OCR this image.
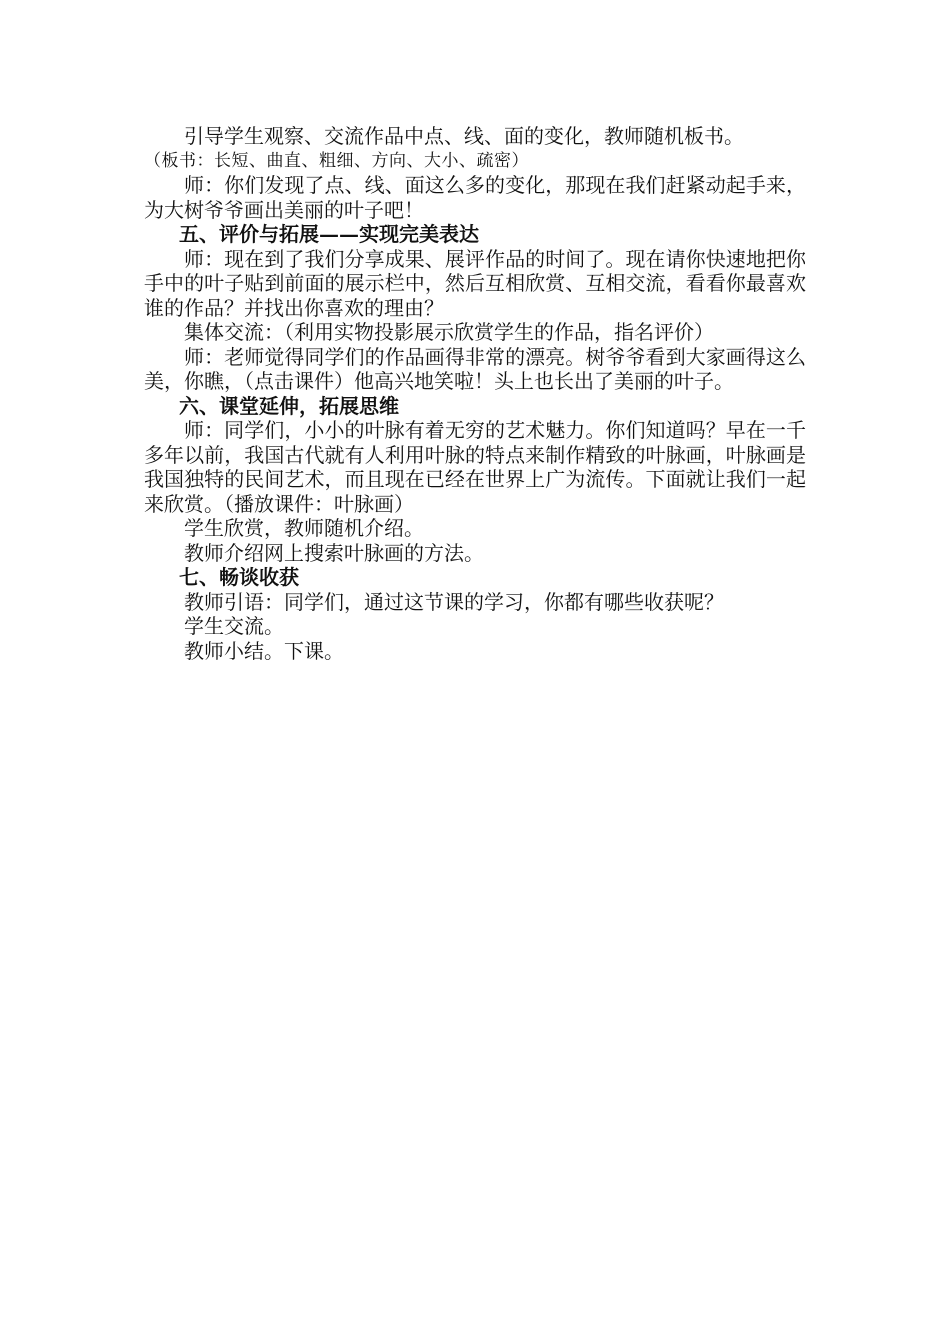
引导学生观察、交流作品中点、线、面的变化，教师随机板书。

（板书：长短、曲直、粗细、方向、大小、疏密）

师：你们发现了点、线、面这么多的变化，那现在我们赶紧动起手来，为大树爷爷画出美丽的叶子吧！

五、评价与拓展——实现完美表达

师：现在到了我们分享成果、展评作品的时间了。现在请你快速地把你手中的叶子贴到前面的展示栏中，然后互相欣赏、互相交流，看看你最喜欢谁的作品？并找出你喜欢的理由？

集体交流：（利用实物投影展示欣赏学生的作品，指名评价）

师：老师觉得同学们的作品画得非常的漂亮。树爷爷看到大家画得这么美，你瞧，（点击课件）他高兴地笑啦！头上也长出了美丽的叶子。

六、课堂延伸，拓展思维

师：同学们，小小的叶脉有着无穷的艺术魅力。你们知道吗？早在一千多年以前，我国古代就有人利用叶脉的特点来制作精致的叶脉画，叶脉画是我国独特的民间艺术，而且现在已经在世界上广为流传。下面就让我们一起来欣赏。（播放课件：叶脉画）

学生欣赏，教师随机介绍。

教师介绍网上搜索叶脉画的方法。

七、畅谈收获

教师引语：同学们，通过这节课的学习，你都有哪些收获呢？

学生交流。

教师小结。下课。
